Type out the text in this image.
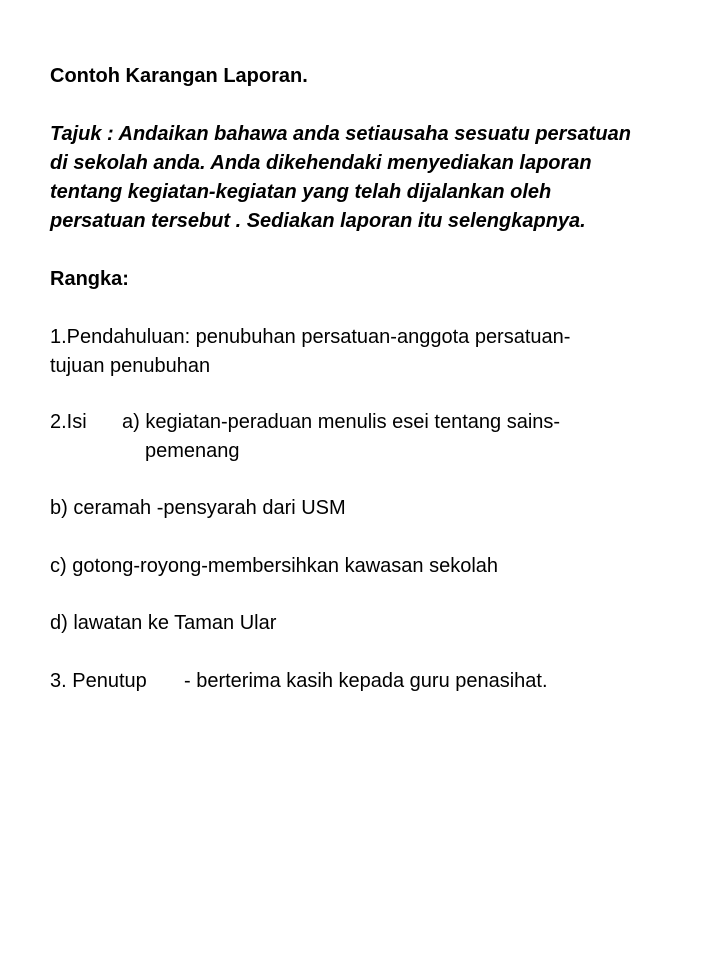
Contoh Karangan Laporan.

Tajuk : Andaikan bahawa anda setiausaha sesuatu persatuan
di sekolah anda. Anda dikehendaki menyediakan laporan
tentang kegiatan-kegiatan yang telah dijalankan oleh
persatuan tersebut . Sediakan laporan itu selengkapnya.

Rangka:

1.Pendahuluan: penubuhan persatuan-anggota persatuan-
tujuan penubuhan
2.Isi a) kegiatan-peraduan menulis esei tentang sains-
pemenang

b) ceramah -pensyarah dari USM

c) gotong-royong-membersihkan kawasan sekolah

d) lawatan ke Taman Ular

3. Penutup - berterima kasih kepada guru penasihat.
